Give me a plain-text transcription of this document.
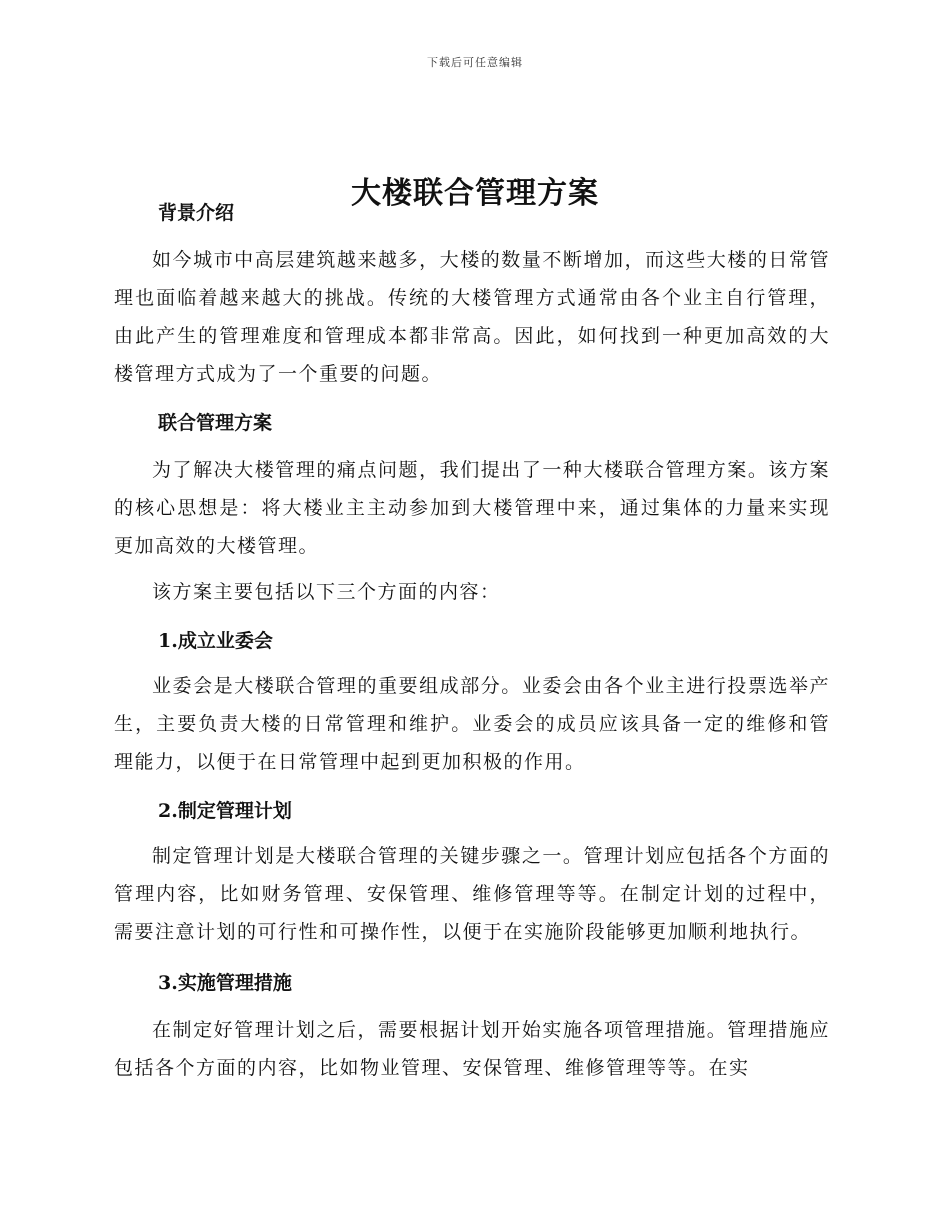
下载后可任意编辑
大楼联合管理方案
背景介绍

如今城市中高层建筑越来越多，大楼的数量不断增加，而这些大楼的日常管理也面临着越来越大的挑战。传统的大楼管理方式通常由各个业主自行管理，由此产生的管理难度和管理成本都非常高。因此，如何找到一种更加高效的大楼管理方式成为了一个重要的问题。

联合管理方案

为了解决大楼管理的痛点问题，我们提出了一种大楼联合管理方案。该方案的核心思想是：将大楼业主主动参加到大楼管理中来，通过集体的力量来实现更加高效的大楼管理。

该方案主要包括以下三个方面的内容：

1.成立业委会

业委会是大楼联合管理的重要组成部分。业委会由各个业主进行投票选举产生，主要负责大楼的日常管理和维护。业委会的成员应该具备一定的维修和管理能力，以便于在日常管理中起到更加积极的作用。

2.制定管理计划

制定管理计划是大楼联合管理的关键步骤之一。管理计划应包括各个方面的管理内容，比如财务管理、安保管理、维修管理等等。在制定计划的过程中，需要注意计划的可行性和可操作性，以便于在实施阶段能够更加顺利地执行。

3.实施管理措施

在制定好管理计划之后，需要根据计划开始实施各项管理措施。管理措施应包括各个方面的内容，比如物业管理、安保管理、维修管理等等。在实
